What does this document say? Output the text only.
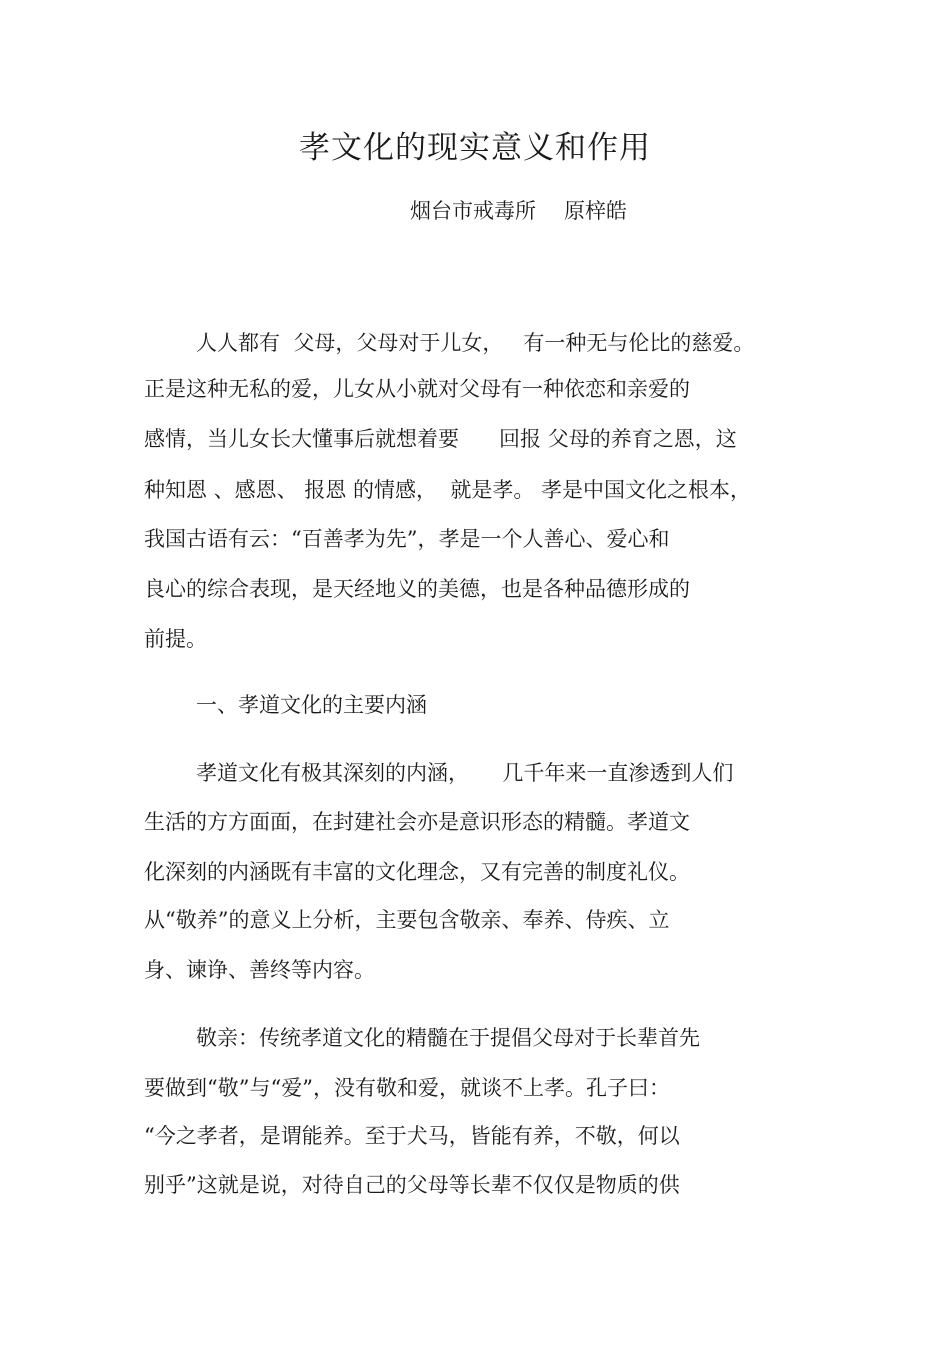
孝文化的现实意义和作用
烟台市戒毒所 原梓皓
人人都有  父母，父母对于儿女，   有一种无与伦比的慈爱。
正是这种无私的爱，儿女从小就对父母有一种依恋和亲爱的
感情，当儿女长大懂事后就想着要      回报 父母的养育之恩，这
种知恩 、感恩、 报恩 的情感，  就是孝。 孝是中国文化之根本，
我国古语有云：“百善孝为先”，孝是一个人善心、爱心和
良心的综合表现，是天经地义的美德，也是各种品德形成的
前提。
一、孝道文化的主要内涵
孝道文化有极其深刻的内涵，     几千年来一直渗透到人们
生活的方方面面，在封建社会亦是意识形态的精髓。孝道文
化深刻的内涵既有丰富的文化理念，又有完善的制度礼仪。
从“敬养”的意义上分析，主要包含敬亲、奉养、侍疾、立
身、谏诤、善终等内容。
敬亲：传统孝道文化的精髓在于提倡父母对于长辈首先
要做到“敬”与“爱”，没有敬和爱，就谈不上孝。孔子曰：
“今之孝者，是谓能养。至于犬马，皆能有养，不敬，何以
别乎”这就是说，对待自己的父母等长辈不仅仅是物质的供
